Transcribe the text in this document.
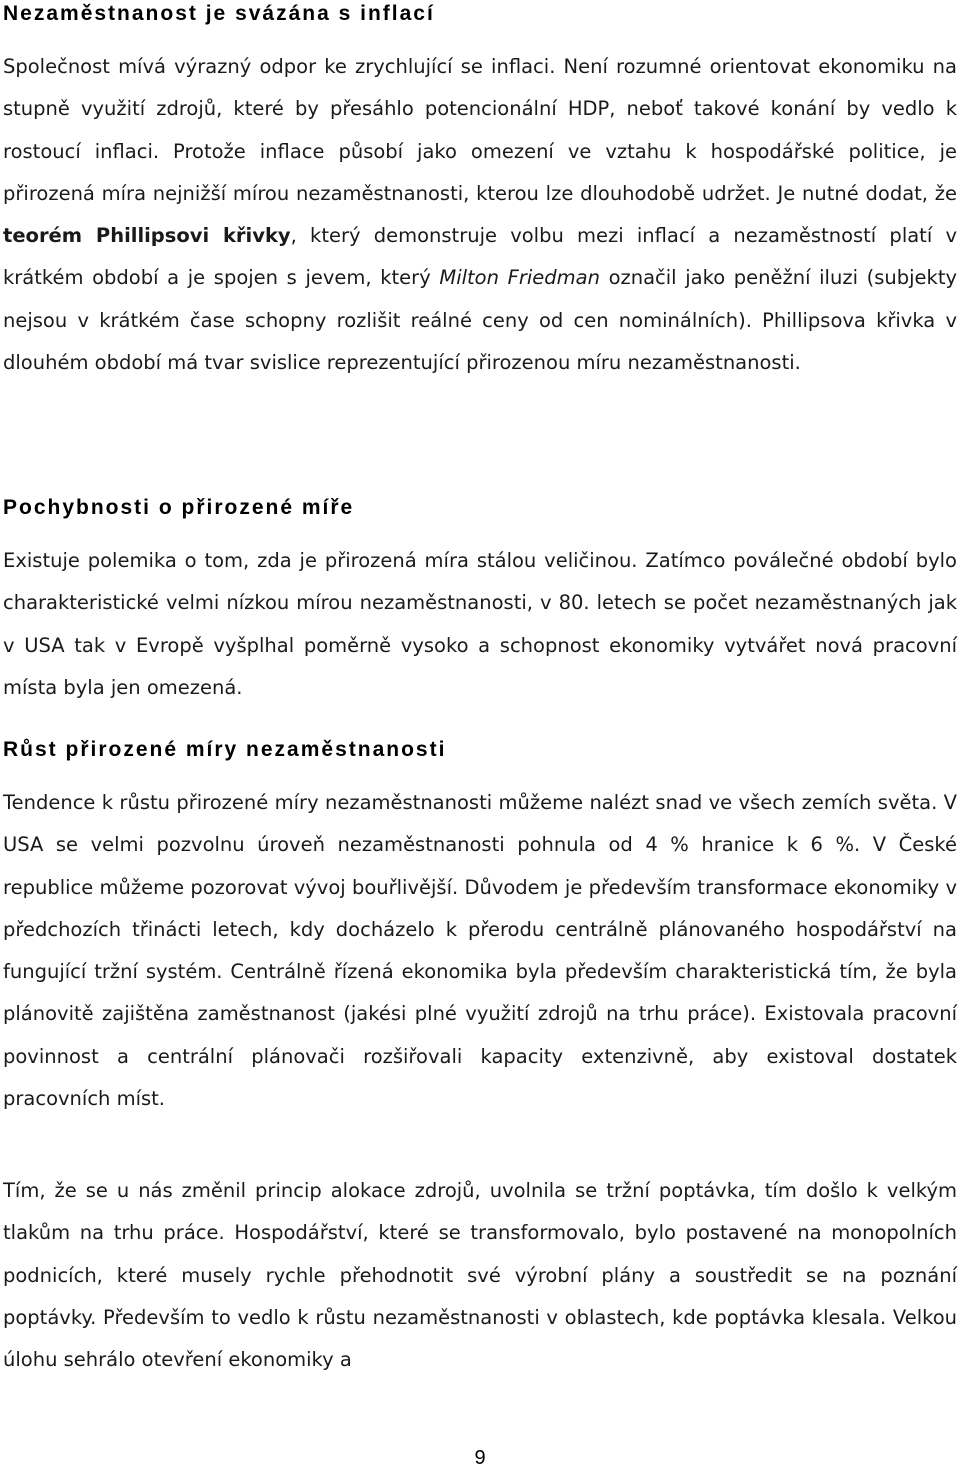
Nezaměstnanost je svázána s inflací

Společnost mívá výrazný odpor ke zrychlující se inflaci. Není rozumné orientovat ekonomiku na stupně využití zdrojů, které by přesáhlo potencionální HDP, neboť takové konání by vedlo k rostoucí inflaci. Protože inflace působí jako omezení ve vztahu k hospodářské politice, je přirozená míra nejnižší mírou nezaměstnanosti, kterou lze dlouhodobě udržet. Je nutné dodat, že teorém Phillipsovi křivky, který demonstruje volbu mezi inflací a nezaměstností platí v krátkém období a je spojen s jevem, který Milton Friedman označil jako peněžní iluzi (subjekty nejsou v krátkém čase schopny rozlišit reálné ceny od cen nominálních). Phillipsova křivka v dlouhém období má tvar svislice reprezentující přirozenou míru nezaměstnanosti.

Pochybnosti o přirozené míře

Existuje polemika o tom, zda je přirozená míra stálou veličinou. Zatímco poválečné období bylo charakteristické velmi nízkou mírou nezaměstnanosti, v 80. letech se počet nezaměstnaných jak v USA tak v Evropě vyšplhal poměrně vysoko a schopnost ekonomiky vytvářet nová pracovní místa byla jen omezená.

Růst přirozené míry nezaměstnanosti

Tendence k růstu přirozené míry nezaměstnanosti můžeme nalézt snad ve všech zemích světa. V USA se velmi pozvolnu úroveň nezaměstnanosti pohnula od 4 % hranice k 6 %. V České republice můžeme pozorovat vývoj bouřlivější. Důvodem je především transformace ekonomiky v předchozích třinácti letech, kdy docházelo k přerodu centrálně plánovaného hospodářství na fungující tržní systém. Centrálně řízená ekonomika byla především charakteristická tím, že byla plánovitě zajištěna zaměstnanost (jakési plné využití zdrojů na trhu práce). Existovala pracovní povinnost a centrální plánovači rozšiřovali kapacity extenzivně, aby existoval dostatek pracovních míst.

Tím, že se u nás změnil princip alokace zdrojů, uvolnila se tržní poptávka, tím došlo k velkým tlakům na trhu práce. Hospodářství, které se transformovalo, bylo postavené na monopolních podnicích, které musely rychle přehodnotit své výrobní plány a soustředit se na poznání poptávky. Především to vedlo k růstu nezaměstnanosti v oblastech, kde poptávka klesala. Velkou úlohu sehrálo otevření ekonomiky a

9
